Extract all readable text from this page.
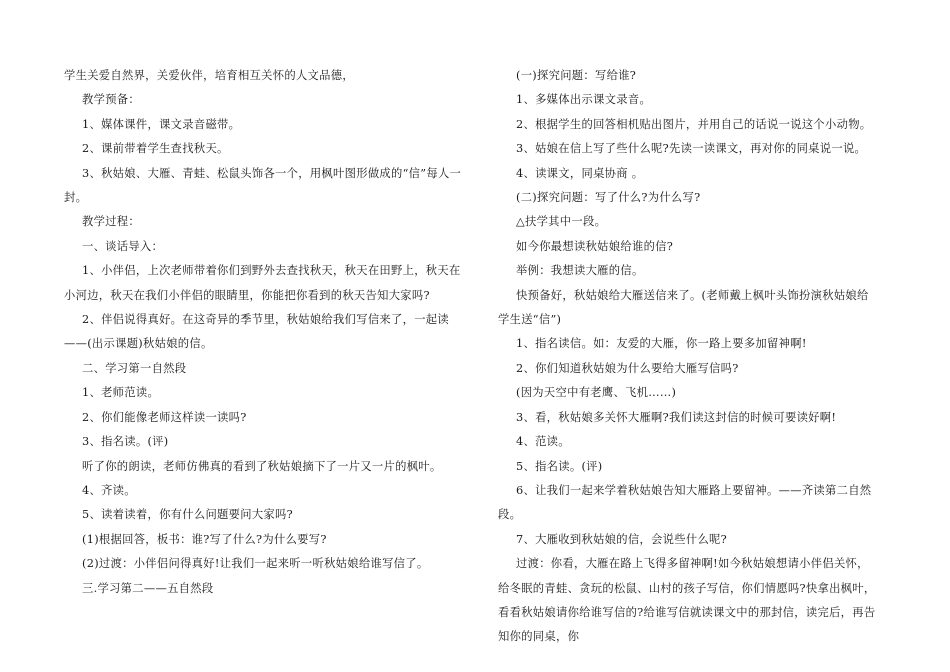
学生关爱自然界，关爱伙伴，培育相互关怀的人文品德，

教学预备：

1、媒体课件，课文录音磁带。

2、课前带着学生查找秋天。

3、秋姑娘、大雁、青蛙、松鼠头饰各一个，用枫叶图形做成的“信”每人一封。

教学过程：

一、谈话导入：

1、小伴侣，上次老师带着你们到野外去查找秋天，秋天在田野上，秋天在小河边，秋天在我们小伴侣的眼睛里，你能把你看到的秋天告知大家吗?

2、伴侣说得真好。在这奇异的季节里，秋姑娘给我们写信来了，一起读——(出示课题)秋姑娘的信。

二、学习第一自然段

1、老师范读。

2、你们能像老师这样读一读吗?

3、指名读。(评)

听了你的朗读，老师仿佛真的看到了秋姑娘摘下了一片又一片的枫叶。

4、齐读。

5、读着读着，你有什么问题要问大家吗?

(1)根据回答，板书：谁?写了什么?为什么要写?

(2)过渡：小伴侣问得真好!让我们一起来听一听秋姑娘给谁写信了。

三.学习第二——五自然段

(一)探究问题：写给谁?

1、多媒体出示课文录音。

2、根据学生的回答相机贴出图片，并用自己的话说一说这个小动物。

3、姑娘在信上写了些什么呢?先读一读课文，再对你的同桌说一说。

4、读课文，同桌协商 。

(二)探究问题：写了什么?为什么写?

△扶学其中一段。

如今你最想读秋姑娘给谁的信?

举例：我想读大雁的信。

快预备好，秋姑娘给大雁送信来了。(老师戴上枫叶头饰扮演秋姑娘给学生送“信”)

1、指名读信。如：友爱的大雁，你一路上要多加留神啊!

2、你们知道秋姑娘为什么要给大雁写信吗?

(因为天空中有老鹰、飞机……)

3、看，秋姑娘多关怀大雁啊?我们读这封信的时候可要读好啊!

4、范读。

5、指名读。(评)

6、让我们一起来学着秋姑娘告知大雁路上要留神。——齐读第二自然段。

7、大雁收到秋姑娘的信，会说些什么呢?

过渡：你看，大雁在路上飞得多留神啊!如今秋姑娘想请小伴侣关怀，给冬眠的青蛙、贪玩的松鼠、山村的孩子写信，你们情愿吗?快拿出枫叶，看看秋姑娘请你给谁写信的?给谁写信就读课文中的那封信，读完后，再告知你的同桌，你
